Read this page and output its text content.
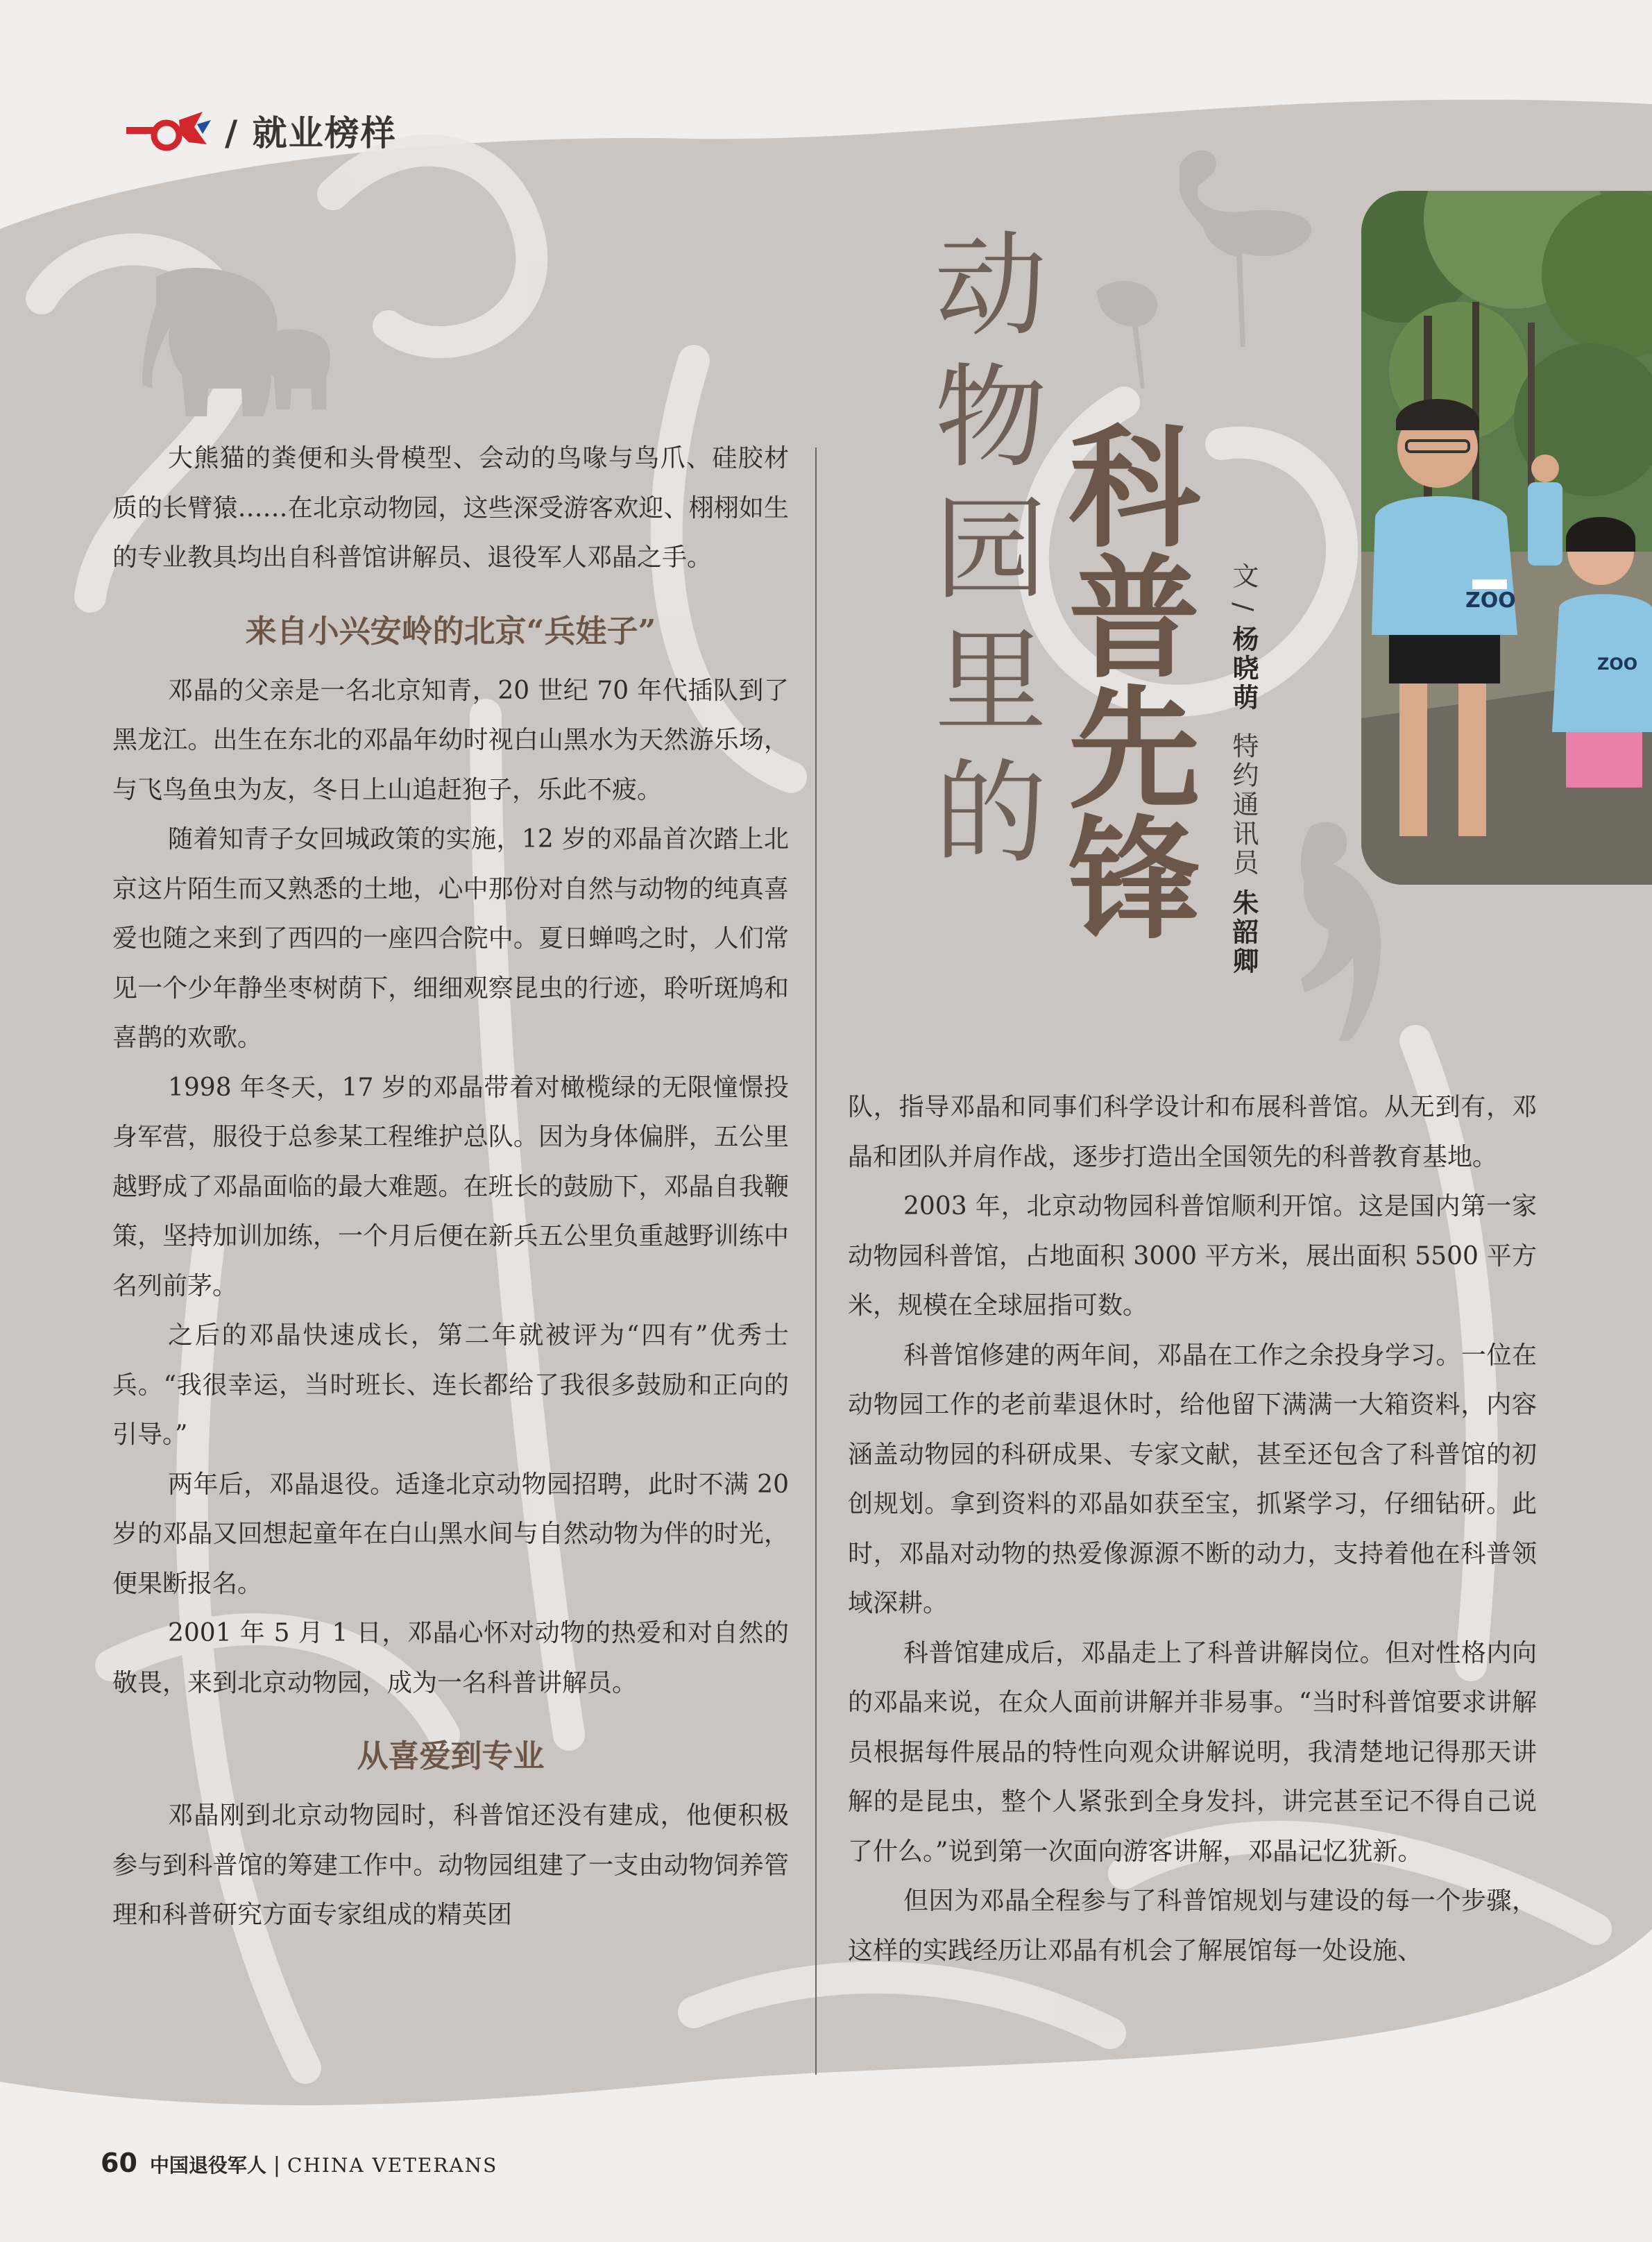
/ 就业榜样
动
物
园
里
的
科
普
先
锋
文 / 杨晓萌
特约通讯员 朱韶卿
ZOO
ZOO

大熊猫的粪便和头骨模型、会动的鸟喙与鸟爪、硅胶材质的长臂猿……在北京动物园，这些深受游客欢迎、栩栩如生的专业教具均出自科普馆讲解员、退役军人邓晶之手。

来自小兴安岭的北京“兵娃子”

邓晶的父亲是一名北京知青，20 世纪 70 年代插队到了黑龙江。出生在东北的邓晶年幼时视白山黑水为天然游乐场，与飞鸟鱼虫为友，冬日上山追赶狍子，乐此不疲。

随着知青子女回城政策的实施，12 岁的邓晶首次踏上北京这片陌生而又熟悉的土地，心中那份对自然与动物的纯真喜爱也随之来到了西四的一座四合院中。夏日蝉鸣之时，人们常见一个少年静坐枣树荫下，细细观察昆虫的行迹，聆听斑鸠和喜鹊的欢歌。

1998 年冬天，17 岁的邓晶带着对橄榄绿的无限憧憬投身军营，服役于总参某工程维护总队。因为身体偏胖，五公里越野成了邓晶面临的最大难题。在班长的鼓励下，邓晶自我鞭策，坚持加训加练，一个月后便在新兵五公里负重越野训练中名列前茅。

之后的邓晶快速成长，第二年就被评为“四有”优秀士兵。“我很幸运，当时班长、连长都给了我很多鼓励和正向的引导。”

两年后，邓晶退役。适逢北京动物园招聘，此时不满 20 岁的邓晶又回想起童年在白山黑水间与自然动物为伴的时光，便果断报名。

2001 年 5 月 1 日，邓晶心怀对动物的热爱和对自然的敬畏，来到北京动物园，成为一名科普讲解员。

从喜爱到专业

邓晶刚到北京动物园时，科普馆还没有建成，他便积极参与到科普馆的筹建工作中。动物园组建了一支由动物饲养管理和科普研究方面专家组成的精英团

队，指导邓晶和同事们科学设计和布展科普馆。从无到有，邓晶和团队并肩作战，逐步打造出全国领先的科普教育基地。

2003 年，北京动物园科普馆顺利开馆。这是国内第一家动物园科普馆，占地面积 3000 平方米，展出面积 5500 平方米，规模在全球屈指可数。

科普馆修建的两年间，邓晶在工作之余投身学习。一位在动物园工作的老前辈退休时，给他留下满满一大箱资料，内容涵盖动物园的科研成果、专家文献，甚至还包含了科普馆的初创规划。拿到资料的邓晶如获至宝，抓紧学习，仔细钻研。此时，邓晶对动物的热爱像源源不断的动力，支持着他在科普领域深耕。

科普馆建成后，邓晶走上了科普讲解岗位。但对性格内向的邓晶来说，在众人面前讲解并非易事。“当时科普馆要求讲解员根据每件展品的特性向观众讲解说明，我清楚地记得那天讲解的是昆虫，整个人紧张到全身发抖，讲完甚至记不得自己说了什么。”说到第一次面向游客讲解，邓晶记忆犹新。

但因为邓晶全程参与了科普馆规划与建设的每一个步骤，这样的实践经历让邓晶有机会了解展馆每一处设施、

60 中国退役军人 | CHINA VETERANS
